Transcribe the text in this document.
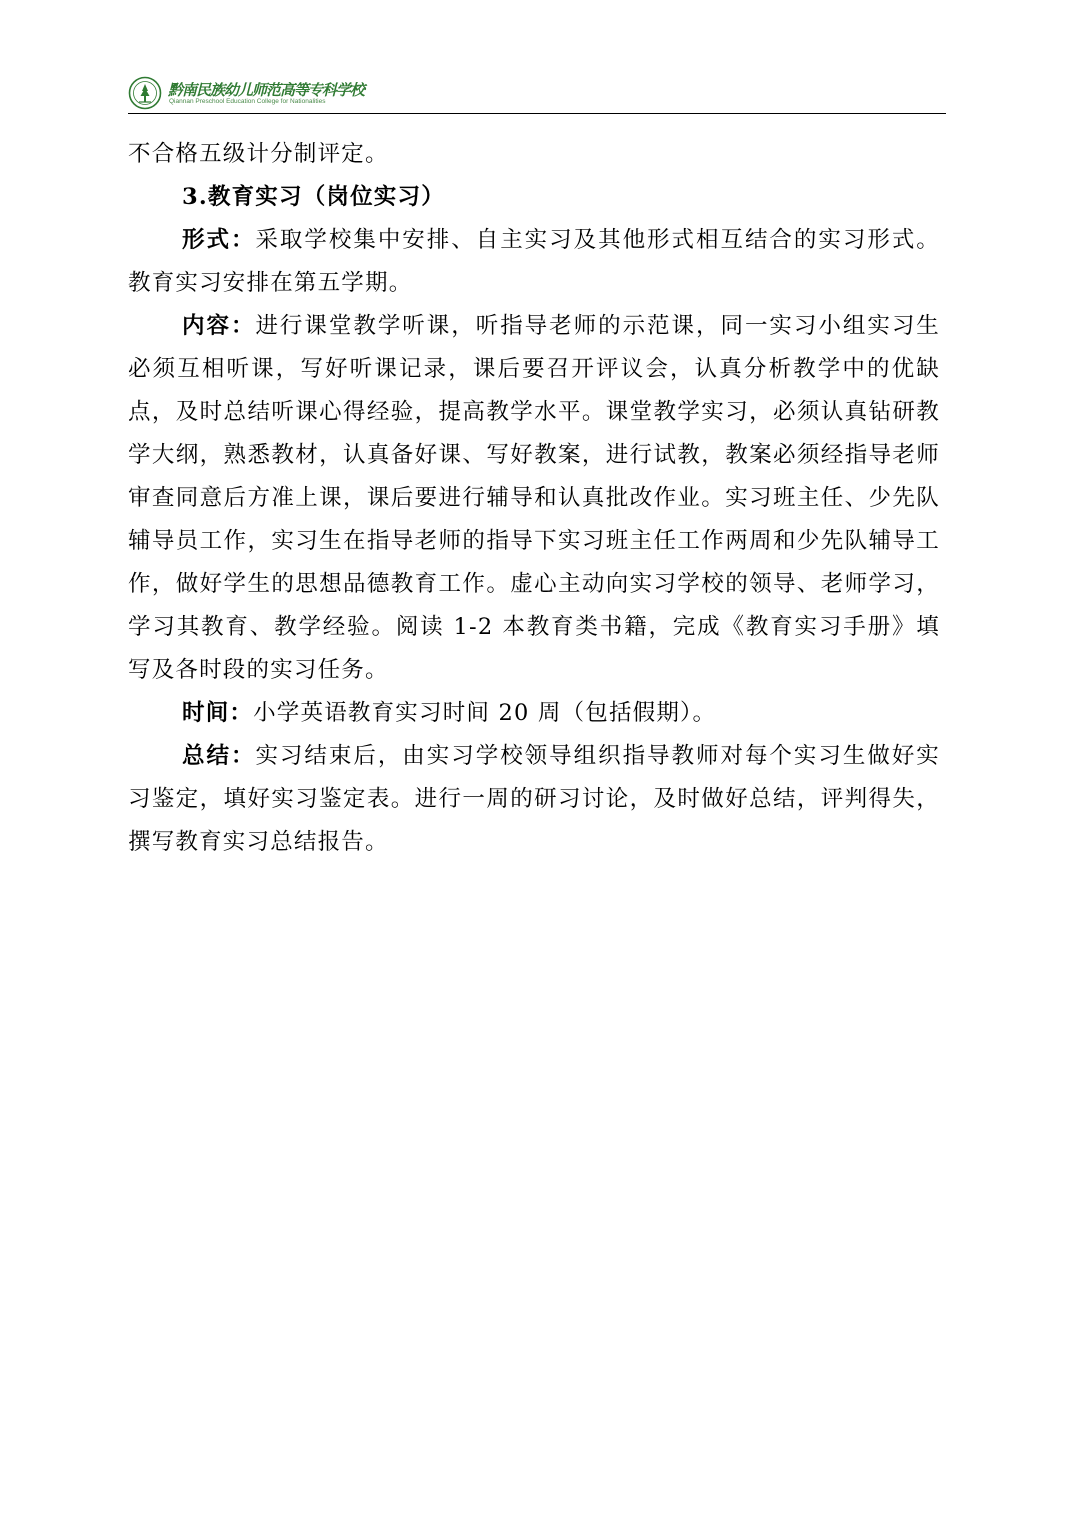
黔南民族幼儿师范高等专科学校
Qiannan Preschool Education College for Nationalities

不合格五级计分制评定。

3.教育实习（岗位实习）

形式：采取学校集中安排、自主实习及其他形式相互结合的实习形式。教育实习安排在第五学期。

内容：进行课堂教学听课，听指导老师的示范课，同一实习小组实习生必须互相听课，写好听课记录，课后要召开评议会，认真分析教学中的优缺点，及时总结听课心得经验，提高教学水平。课堂教学实习，必须认真钻研教学大纲，熟悉教材，认真备好课、写好教案，进行试教，教案必须经指导老师审查同意后方准上课，课后要进行辅导和认真批改作业。实习班主任、少先队辅导员工作，实习生在指导老师的指导下实习班主任工作两周和少先队辅导工作，做好学生的思想品德教育工作。虚心主动向实习学校的领导、老师学习，学习其教育、教学经验。阅读 1-2 本教育类书籍，完成《教育实习手册》填写及各时段的实习任务。

时间：小学英语教育实习时间 20 周（包括假期）。

总结：实习结束后，由实习学校领导组织指导教师对每个实习生做好实习鉴定，填好实习鉴定表。进行一周的研习讨论，及时做好总结，评判得失，撰写教育实习总结报告。
